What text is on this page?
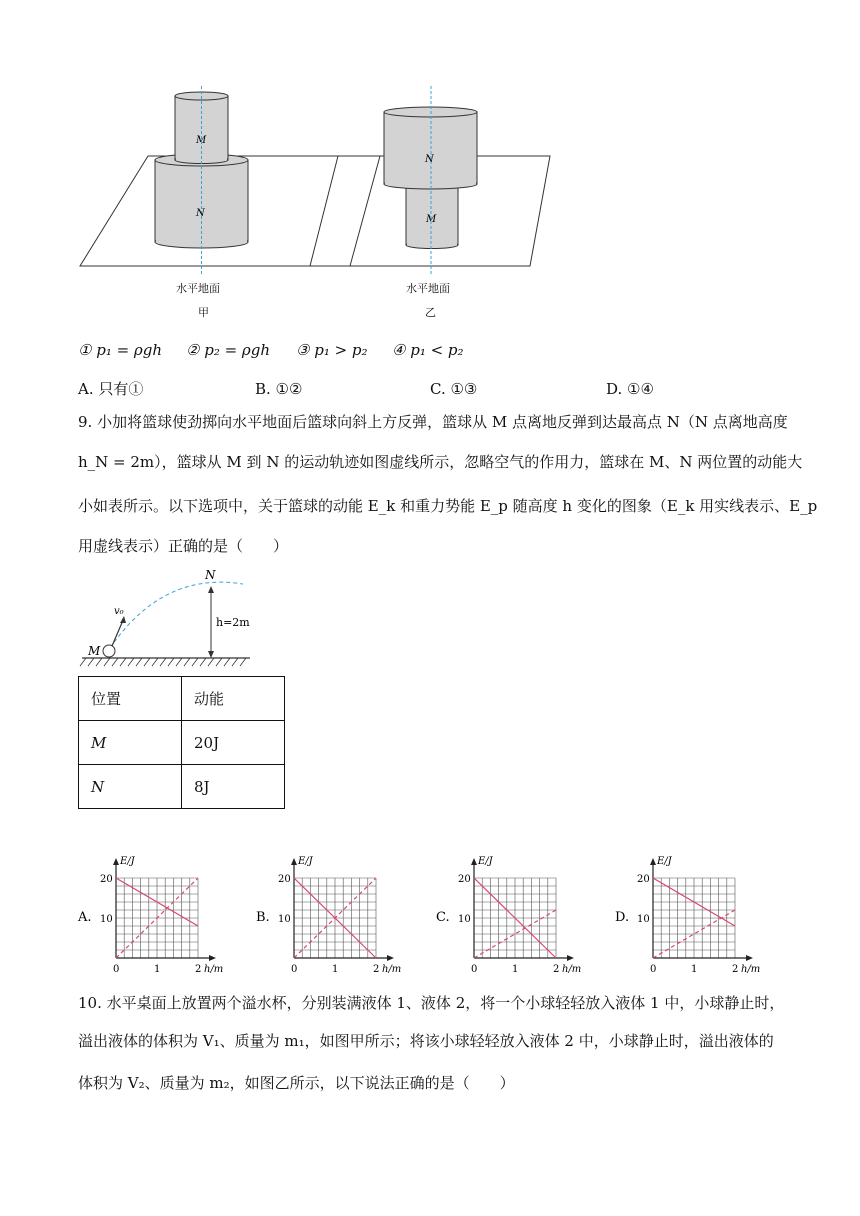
M
N
N
M
水平地面
甲
水平地面
乙
① p₁ = ρgh ② p₂ = ρgh ③ p₁ > p₂ ④ p₁ < p₂
A. 只有①	B. ①②	C. ①③	D. ①④
9. 小加将篮球使劲掷向水平地面后篮球向斜上方反弹，篮球从 M 点离地反弹到达最高点 N（N 点离地高度
h_N = 2m），篮球从 M 到 N 的运动轨迹如图虚线所示，忽略空气的作用力，篮球在 M、N 两位置的动能大
小如表所示。以下选项中，关于篮球的动能 E_k 和重力势能 E_p 随高度 h 变化的图象（E_k 用实线表示、E_p
用虚线表示）正确的是（　　）
M
N
v₀
h=2m
位置	动能
M	20J
N	8J
A.
E/J
h/m
0	1	2
10
20
B.
E/J
h/m
0	1	2
10
20
C.
E/J
h/m
0	1	2
10
20
D.
E/J
h/m
0	1	2
10
20
10. 水平桌面上放置两个溢水杯，分别装满液体 1、液体 2，将一个小球轻轻放入液体 1 中，小球静止时，
溢出液体的体积为 V₁、质量为 m₁，如图甲所示；将该小球轻轻放入液体 2 中，小球静止时，溢出液体的
体积为 V₂、质量为 m₂，如图乙所示，以下说法正确的是（　　）
